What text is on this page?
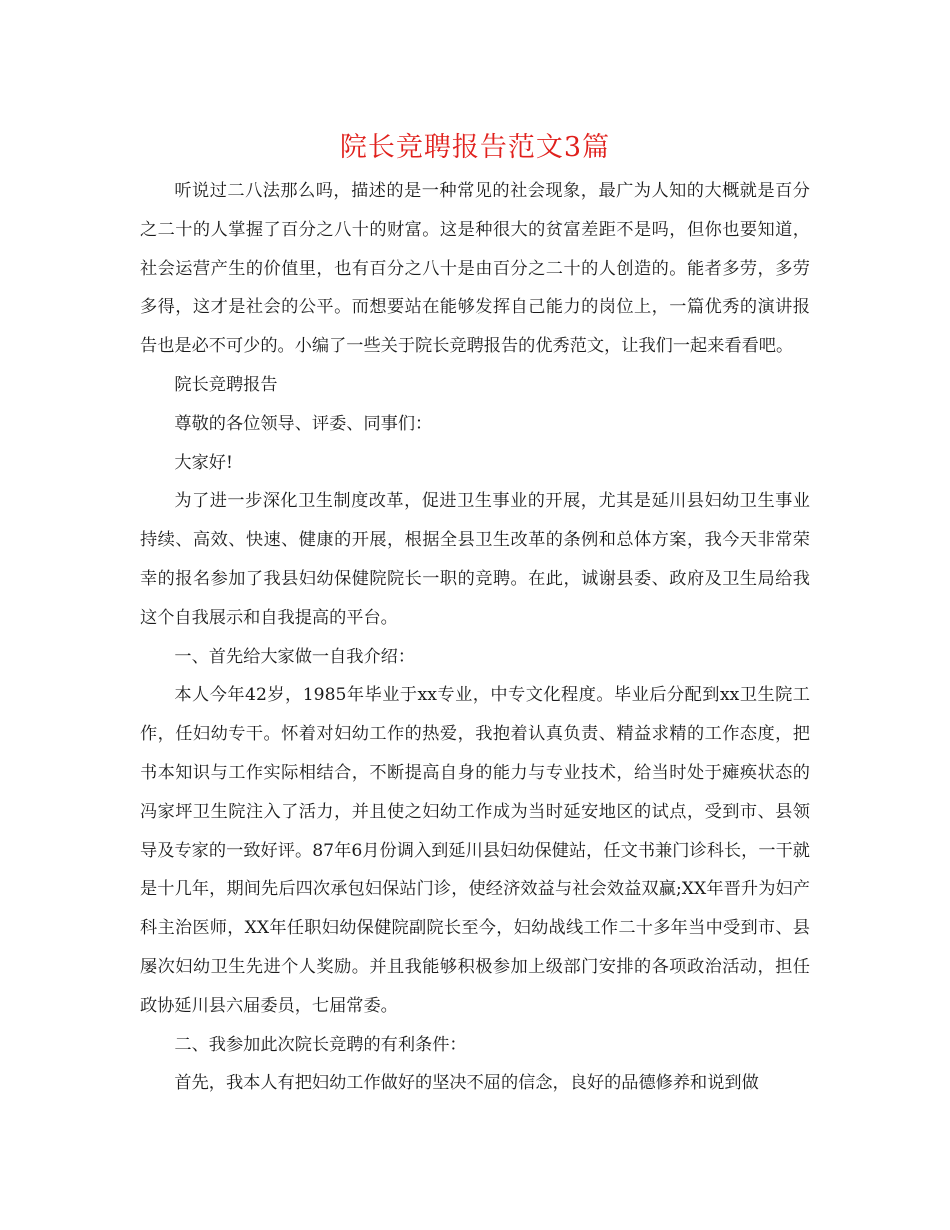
院长竞聘报告范文3篇

听说过二八法那么吗，描述的是一种常见的社会现象，最广为人知的大概就是百分之二十的人掌握了百分之八十的财富。这是种很大的贫富差距不是吗，但你也要知道，社会运营产生的价值里，也有百分之八十是由百分之二十的人创造的。能者多劳，多劳多得，这才是社会的公平。而想要站在能够发挥自己能力的岗位上，一篇优秀的演讲报告也是必不可少的。小编了一些关于院长竞聘报告的优秀范文，让我们一起来看看吧。

院长竞聘报告

尊敬的各位领导、评委、同事们：

大家好!

为了进一步深化卫生制度改革，促进卫生事业的开展，尤其是延川县妇幼卫生事业持续、高效、快速、健康的开展，根据全县卫生改革的条例和总体方案，我今天非常荣幸的报名参加了我县妇幼保健院院长一职的竞聘。在此，诚谢县委、政府及卫生局给我这个自我展示和自我提高的平台。

一、首先给大家做一自我介绍：

本人今年42岁，1985年毕业于xx专业，中专文化程度。毕业后分配到xx卫生院工作，任妇幼专干。怀着对妇幼工作的热爱，我抱着认真负责、精益求精的工作态度，把书本知识与工作实际相结合，不断提高自身的能力与专业技术，给当时处于瘫痪状态的冯家坪卫生院注入了活力，并且使之妇幼工作成为当时延安地区的试点，受到市、县领导及专家的一致好评。87年6月份调入到延川县妇幼保健站，任文书兼门诊科长，一干就是十几年，期间先后四次承包妇保站门诊，使经济效益与社会效益双赢;XX年晋升为妇产科主治医师，XX年任职妇幼保健院副院长至今，妇幼战线工作二十多年当中受到市、县屡次妇幼卫生先进个人奖励。并且我能够积极参加上级部门安排的各项政治活动，担任政协延川县六届委员，七届常委。

二、我参加此次院长竞聘的有利条件：

首先，我本人有把妇幼工作做好的坚决不屈的信念，良好的品德修养和说到做
